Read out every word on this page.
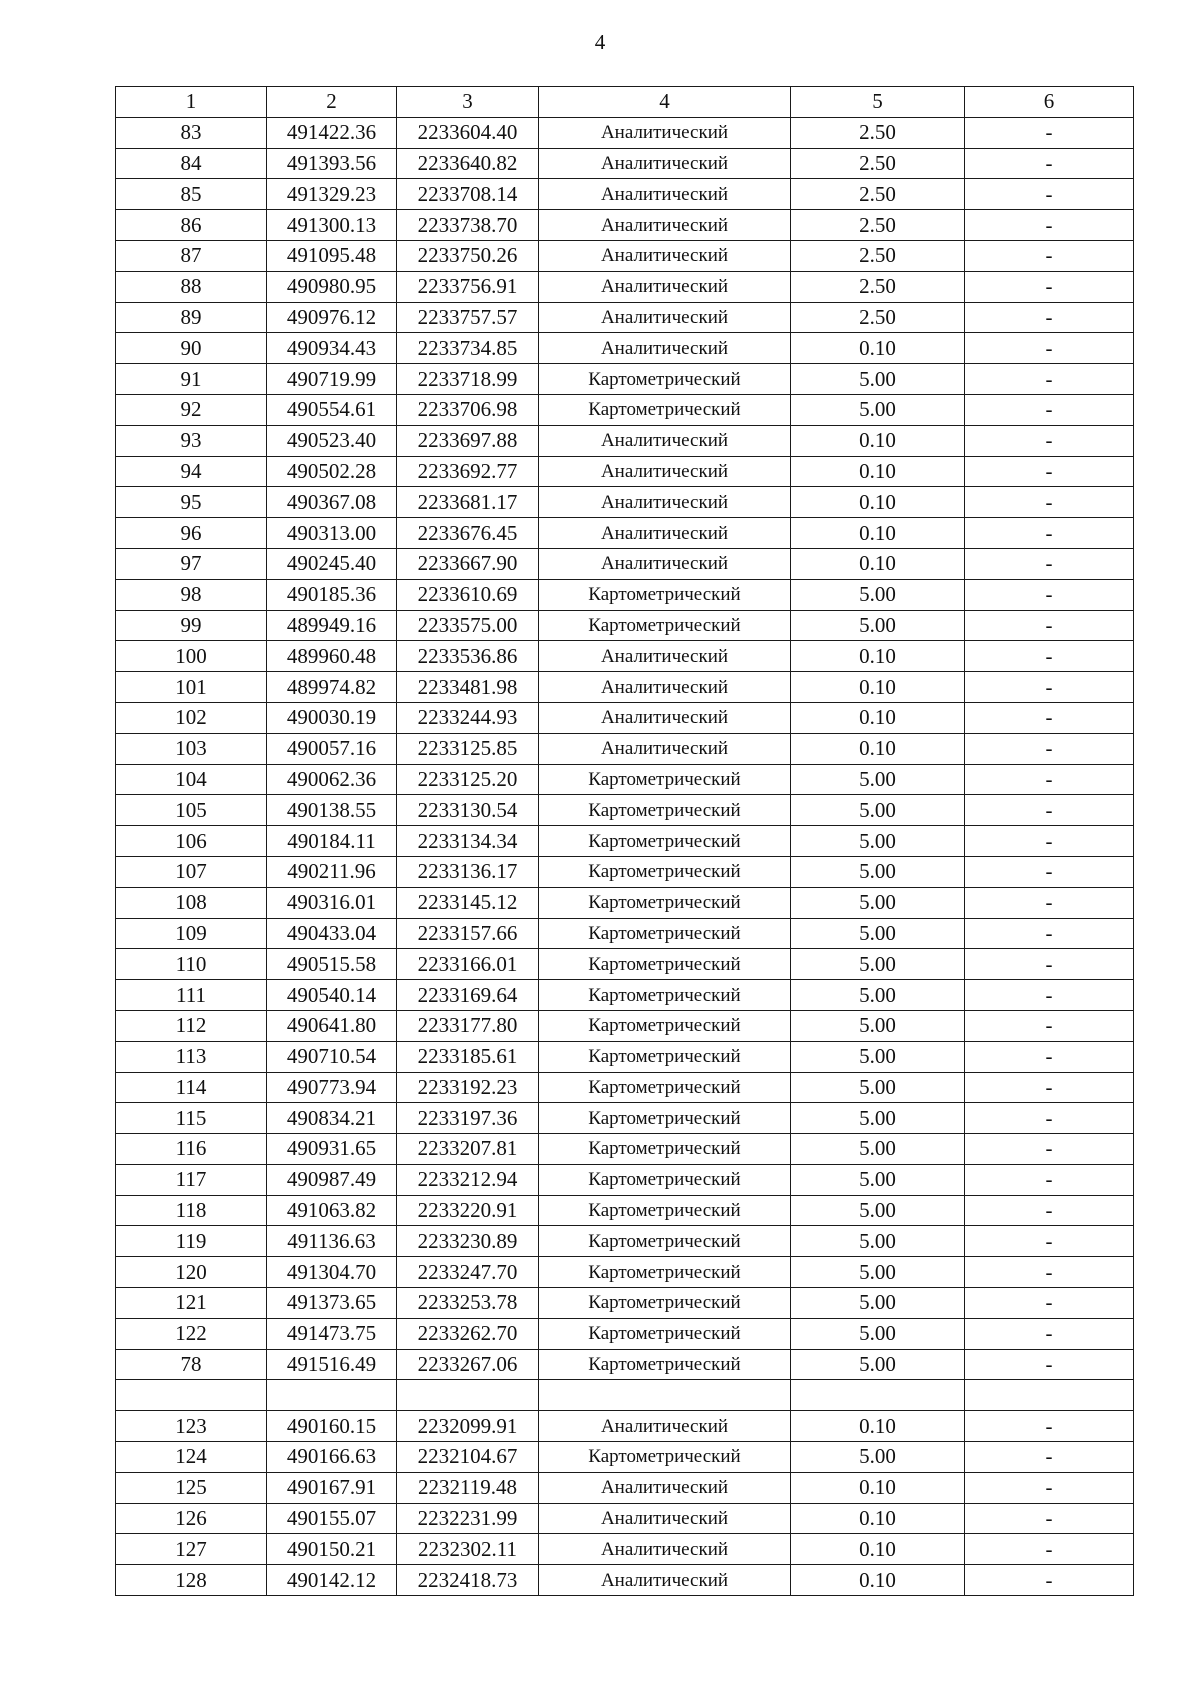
4
1	2	3	4	5	6
83	491422.36	2233604.40	Аналитический	2.50	-
84	491393.56	2233640.82	Аналитический	2.50	-
85	491329.23	2233708.14	Аналитический	2.50	-
86	491300.13	2233738.70	Аналитический	2.50	-
87	491095.48	2233750.26	Аналитический	2.50	-
88	490980.95	2233756.91	Аналитический	2.50	-
89	490976.12	2233757.57	Аналитический	2.50	-
90	490934.43	2233734.85	Аналитический	0.10	-
91	490719.99	2233718.99	Картометрический	5.00	-
92	490554.61	2233706.98	Картометрический	5.00	-
93	490523.40	2233697.88	Аналитический	0.10	-
94	490502.28	2233692.77	Аналитический	0.10	-
95	490367.08	2233681.17	Аналитический	0.10	-
96	490313.00	2233676.45	Аналитический	0.10	-
97	490245.40	2233667.90	Аналитический	0.10	-
98	490185.36	2233610.69	Картометрический	5.00	-
99	489949.16	2233575.00	Картометрический	5.00	-
100	489960.48	2233536.86	Аналитический	0.10	-
101	489974.82	2233481.98	Аналитический	0.10	-
102	490030.19	2233244.93	Аналитический	0.10	-
103	490057.16	2233125.85	Аналитический	0.10	-
104	490062.36	2233125.20	Картометрический	5.00	-
105	490138.55	2233130.54	Картометрический	5.00	-
106	490184.11	2233134.34	Картометрический	5.00	-
107	490211.96	2233136.17	Картометрический	5.00	-
108	490316.01	2233145.12	Картометрический	5.00	-
109	490433.04	2233157.66	Картометрический	5.00	-
110	490515.58	2233166.01	Картометрический	5.00	-
111	490540.14	2233169.64	Картометрический	5.00	-
112	490641.80	2233177.80	Картометрический	5.00	-
113	490710.54	2233185.61	Картометрический	5.00	-
114	490773.94	2233192.23	Картометрический	5.00	-
115	490834.21	2233197.36	Картометрический	5.00	-
116	490931.65	2233207.81	Картометрический	5.00	-
117	490987.49	2233212.94	Картометрический	5.00	-
118	491063.82	2233220.91	Картометрический	5.00	-
119	491136.63	2233230.89	Картометрический	5.00	-
120	491304.70	2233247.70	Картометрический	5.00	-
121	491373.65	2233253.78	Картометрический	5.00	-
122	491473.75	2233262.70	Картометрический	5.00	-
78	491516.49	2233267.06	Картометрический	5.00	-

123	490160.15	2232099.91	Аналитический	0.10	-
124	490166.63	2232104.67	Картометрический	5.00	-
125	490167.91	2232119.48	Аналитический	0.10	-
126	490155.07	2232231.99	Аналитический	0.10	-
127	490150.21	2232302.11	Аналитический	0.10	-
128	490142.12	2232418.73	Аналитический	0.10	-
